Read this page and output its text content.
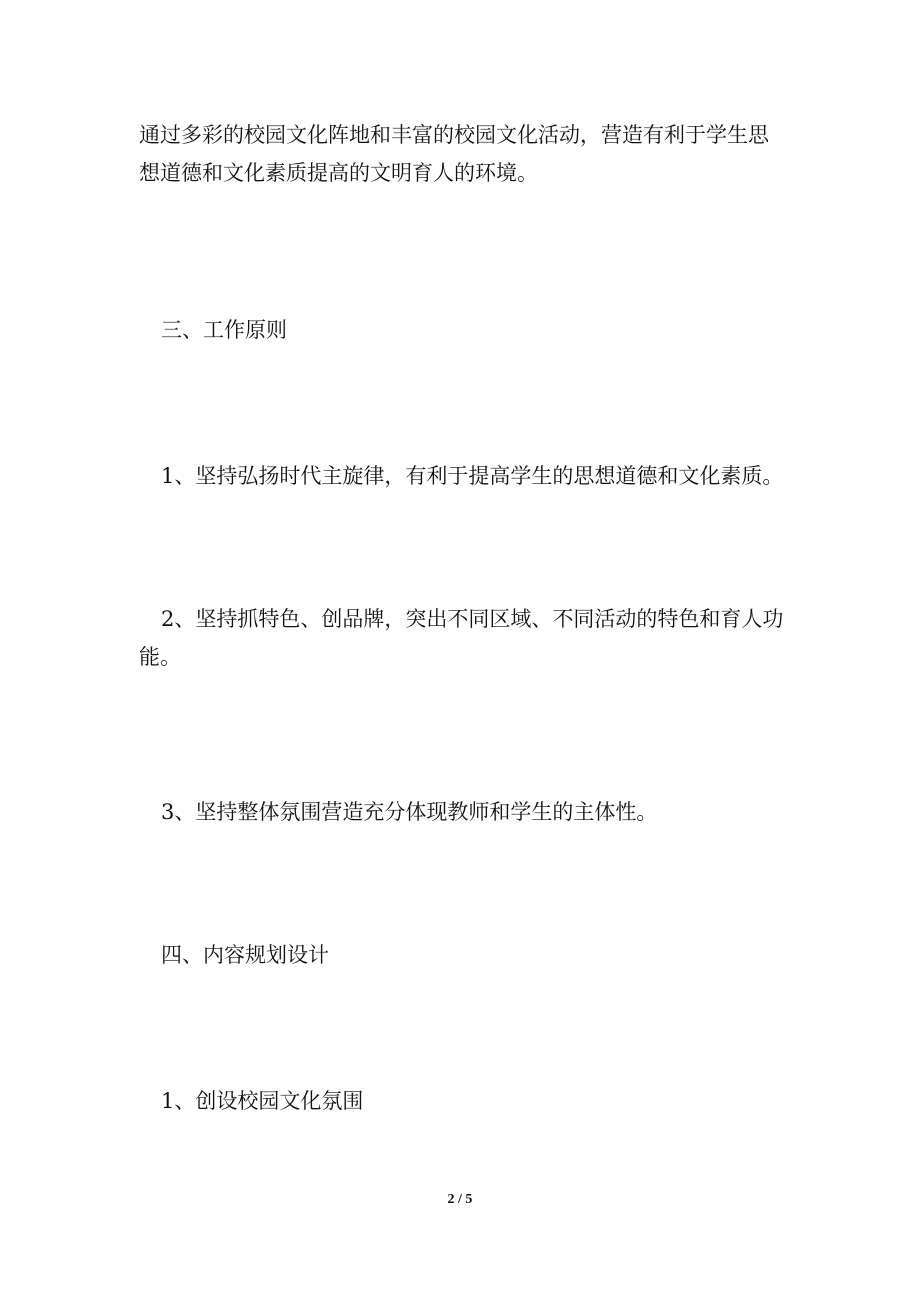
通过多彩的校园文化阵地和丰富的校园文化活动，营造有利于学生思想道德和文化素质提高的文明育人的环境。

三、工作原则

1、坚持弘扬时代主旋律，有利于提高学生的思想道德和文化素质。

2、坚持抓特色、创品牌，突出不同区域、不同活动的特色和育人功能。

3、坚持整体氛围营造充分体现教师和学生的主体性。

四、内容规划设计

1、创设校园文化氛围

2 / 5
